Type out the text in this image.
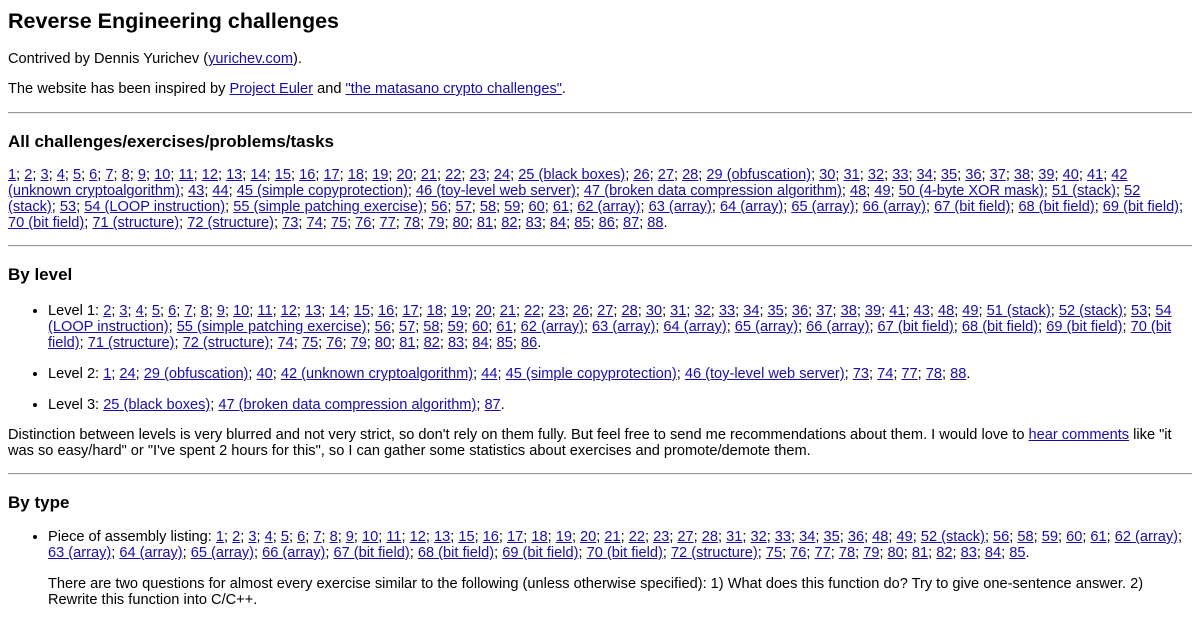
Reverse Engineering challenges

Contrived by Dennis Yurichev (yurichev.com).

The website has been inspired by Project Euler and "the matasano crypto challenges".

All challenges/exercises/problems/tasks

1; 2; 3; 4; 5; 6; 7; 8; 9; 10; 11; 12; 13; 14; 15; 16; 17; 18; 19; 20; 21; 22; 23; 24; 25 (black boxes); 26; 27; 28; 29 (obfuscation); 30; 31; 32; 33; 34; 35; 36; 37; 38; 39; 40; 41; 42 (unknown cryptoalgorithm); 43; 44; 45 (simple copyprotection); 46 (toy-level web server); 47 (broken data compression algorithm); 48; 49; 50 (4-byte XOR mask); 51 (stack); 52 (stack); 53; 54 (LOOP instruction); 55 (simple patching exercise); 56; 57; 58; 59; 60; 61; 62 (array); 63 (array); 64 (array); 65 (array); 66 (array); 67 (bit field); 68 (bit field); 69 (bit field); 70 (bit field); 71 (structure); 72 (structure); 73; 74; 75; 76; 77; 78; 79; 80; 81; 82; 83; 84; 85; 86; 87; 88.

By level
• Level 1: 2; 3; 4; 5; 6; 7; 8; 9; 10; 11; 12; 13; 14; 15; 16; 17; 18; 19; 20; 21; 22; 23; 26; 27; 28; 30; 31; 32; 33; 34; 35; 36; 37; 38; 39; 41; 43; 48; 49; 51 (stack); 52 (stack); 53; 54 (LOOP instruction); 55 (simple patching exercise); 56; 57; 58; 59; 60; 61; 62 (array); 63 (array); 64 (array); 65 (array); 66 (array); 67 (bit field); 68 (bit field); 69 (bit field); 70 (bit field); 71 (structure); 72 (structure); 74; 75; 76; 79; 80; 81; 82; 83; 84; 85; 86.
• Level 2: 1; 24; 29 (obfuscation); 40; 42 (unknown cryptoalgorithm); 44; 45 (simple copyprotection); 46 (toy-level web server); 73; 74; 77; 78; 88.
• Level 3: 25 (black boxes); 47 (broken data compression algorithm); 87.

Distinction between levels is very blurred and not very strict, so don't rely on them fully. But feel free to send me recommendations about them. I would love to hear comments like "it was so easy/hard" or "I've spent 2 hours for this", so I can gather some statistics about exercises and promote/demote them.

By type
• Piece of assembly listing: 1; 2; 3; 4; 5; 6; 7; 8; 9; 10; 11; 12; 13; 15; 16; 17; 18; 19; 20; 21; 22; 23; 27; 28; 31; 32; 33; 34; 35; 36; 48; 49; 52 (stack); 56; 58; 59; 60; 61; 62 (array); 63 (array); 64 (array); 65 (array); 66 (array); 67 (bit field); 68 (bit field); 69 (bit field); 70 (bit field); 72 (structure); 75; 76; 77; 78; 79; 80; 81; 82; 83; 84; 85.

There are two questions for almost every exercise similar to the following (unless otherwise specified): 1) What does this function do? Try to give one-sentence answer. 2) Rewrite this function into C/C++.
